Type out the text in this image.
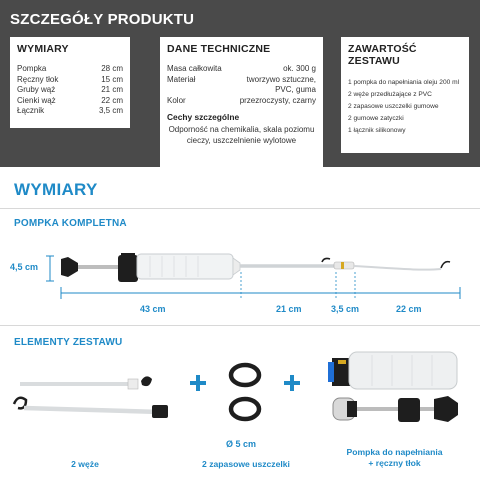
SZCZEGÓŁY PRODUKTU
WYMIARY
Pompka	28 cm
Ręczny tłok	15 cm
Gruby wąż	21 cm
Cienki wąż	22 cm
Łącznik	3,5 cm
DANE TECHNICZNE
Masa całkowita	ok. 300 g
Materiał	tworzywo sztuczne,
PVC, guma
Kolor	przezroczysty, czarny
Cechy szczególne
Odporność na chemikalia, skala poziomu cieczy, uszczelnienie wylotowe
ZAWARTOŚĆ ZESTAWU
1 pompka do napełniania oleju 200 ml
2 węże przedłużające z PVC
2 zapasowe uszczelki gumowe
2 gumowe zatyczki
1 łącznik silikonowy
WYMIARY
POMPKA KOMPLETNA
4,5 cm
43 cm	21 cm	3,5 cm	22 cm
ELEMENTY ZESTAWU
Ø 5 cm
2 węże	2 zapasowe uszczelki
Pompka do napełniania
+ ręczny tłok
